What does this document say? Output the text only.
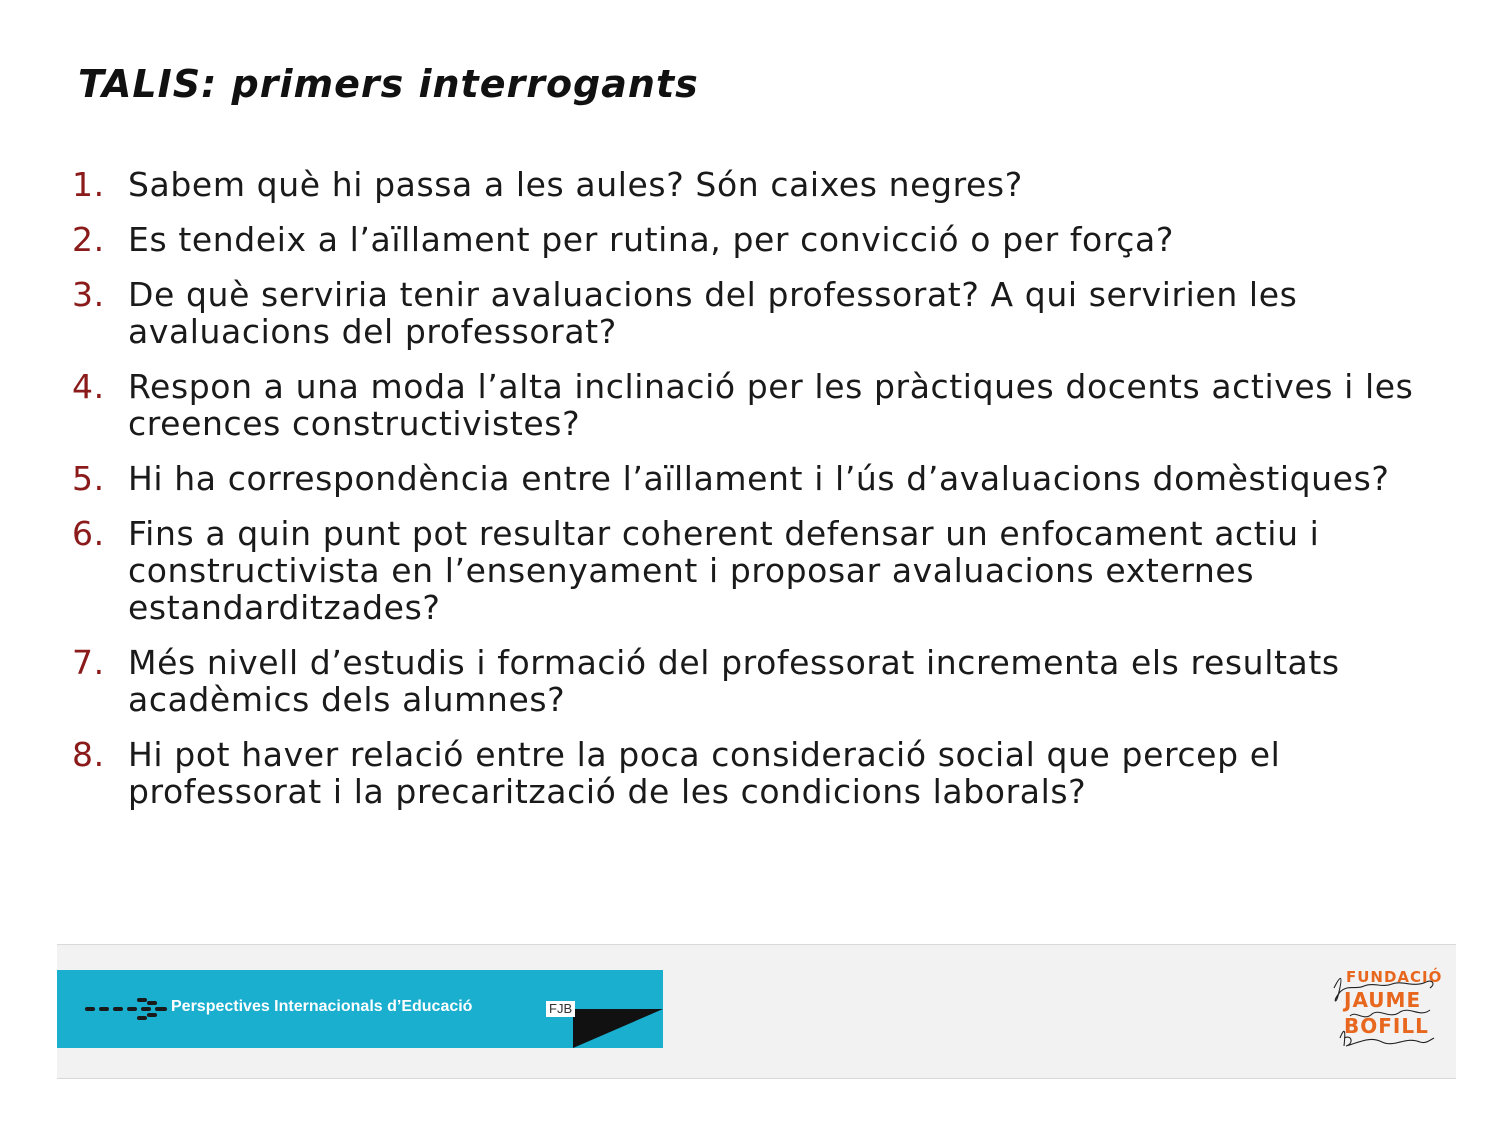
TALIS: primers interrogants
1. Sabem què hi passa a les aules? Són caixes negres?
2. Es tendeix a l’aïllament per rutina, per convicció o per força?
3. De què serviria tenir avaluacions del professorat? A qui servirien les avaluacions del professorat?
4. Respon a una moda l’alta inclinació per les pràctiques docents actives i les creences constructivistes?
5. Hi ha correspondència entre l’aïllament i l’ús d’avaluacions domèstiques?
6. Fins a quin punt pot resultar coherent defensar un enfocament actiu i constructivista en l’ensenyament i proposar avaluacions externes estandarditzades?
7. Més nivell d’estudis i formació del professorat incrementa els resultats acadèmics dels alumnes?
8. Hi pot haver relació entre la poca consideració social que percep el professorat i la precarització de les condicions laborals?
Perspectives Internacionals d’Educació	FJB
FUNDACIÓ
JAUME
BOFILL
